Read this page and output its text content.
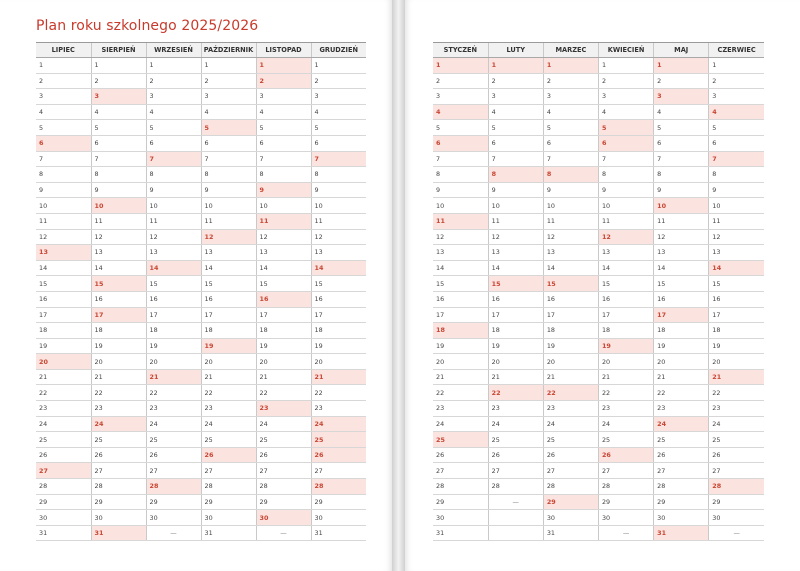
Plan roku szkolnego 2025/2026
LIPIEC	SIERPIEŃ	WRZESIEŃ	PAŹDZIERNIK	LISTOPAD	GRUDZIEŃ
1	1	1	1	1	1
2	2	2	2	2	2
3	3	3	3	3	3
4	4	4	4	4	4
5	5	5	5	5	5
6	6	6	6	6	6
7	7	7	7	7	7
8	8	8	8	8	8
9	9	9	9	9	9
10	10	10	10	10	10
11	11	11	11	11	11
12	12	12	12	12	12
13	13	13	13	13	13
14	14	14	14	14	14
15	15	15	15	15	15
16	16	16	16	16	16
17	17	17	17	17	17
18	18	18	18	18	18
19	19	19	19	19	19
20	20	20	20	20	20
21	21	21	21	21	21
22	22	22	22	22	22
23	23	23	23	23	23
24	24	24	24	24	24
25	25	25	25	25	25
26	26	26	26	26	26
27	27	27	27	27	27
28	28	28	28	28	28
29	29	29	29	29	29
30	30	30	30	30	30
31	31	—	31	—	31
STYCZEŃ	LUTY	MARZEC	KWIECIEŃ	MAJ	CZERWIEC
1	1	1	1	1	1
2	2	2	2	2	2
3	3	3	3	3	3
4	4	4	4	4	4
5	5	5	5	5	5
6	6	6	6	6	6
7	7	7	7	7	7
8	8	8	8	8	8
9	9	9	9	9	9
10	10	10	10	10	10
11	11	11	11	11	11
12	12	12	12	12	12
13	13	13	13	13	13
14	14	14	14	14	14
15	15	15	15	15	15
16	16	16	16	16	16
17	17	17	17	17	17
18	18	18	18	18	18
19	19	19	19	19	19
20	20	20	20	20	20
21	21	21	21	21	21
22	22	22	22	22	22
23	23	23	23	23	23
24	24	24	24	24	24
25	25	25	25	25	25
26	26	26	26	26	26
27	27	27	27	27	27
28	28	28	28	28	28
29	—	29	29	29	29
30		30	30	30	30
31		31	—	31	—
